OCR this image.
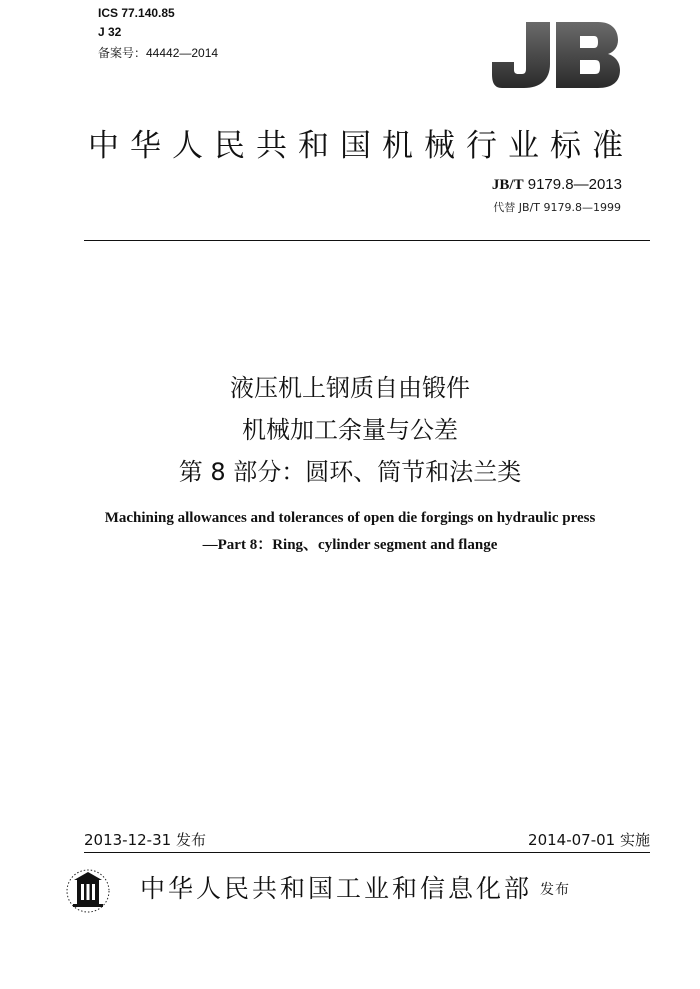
ICS 77.140.85
J 32
备案号：44442—2014
中华人民共和国机械行业标准
JB/T 9179.8—2013
代替 JB/T 9179.8—1999
液压机上钢质自由锻件
机械加工余量与公差
第 8 部分：圆环、筒节和法兰类
Machining allowances and tolerances of open die forgings on hydraulic press
—Part 8：Ring、cylinder segment and flange
2013-12-31 发布	2014-07-01 实施
中华人民共和国工业和信息化部 发布
